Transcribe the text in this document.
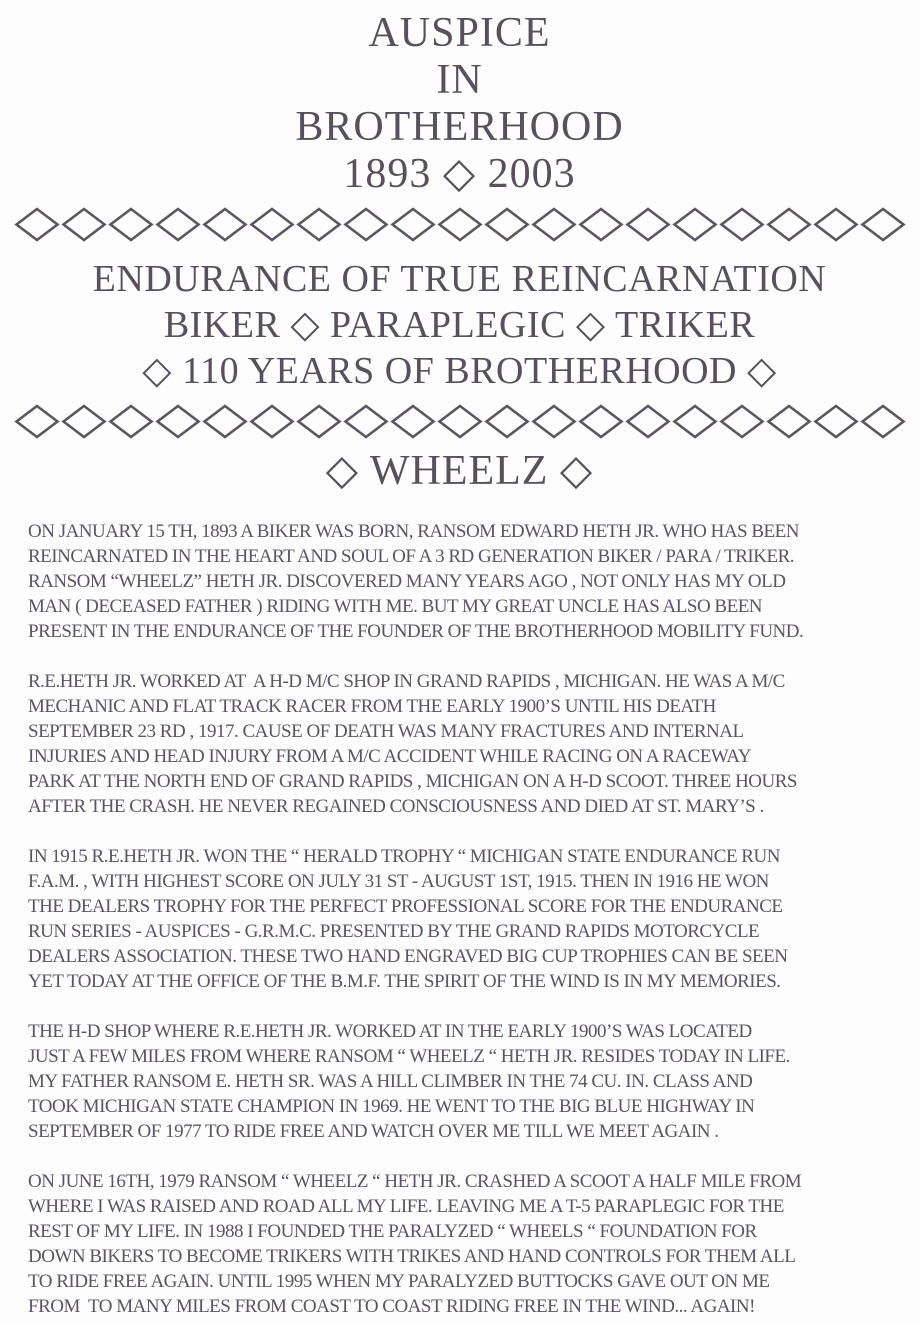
AUSPICE
IN
BROTHERHOOD
1893 ◇ 2003
ENDURANCE OF TRUE REINCARNATION
BIKER ◇ PARAPLEGIC ◇ TRIKER
◇ 110 YEARS OF BROTHERHOOD ◇
◇ WHEELZ ◇
ON JANUARY 15 TH, 1893 A BIKER WAS BORN, RANSOM EDWARD HETH JR. WHO HAS BEEN
REINCARNATED IN THE HEART AND SOUL OF A 3 RD GENERATION BIKER / PARA / TRIKER.
RANSOM “WHEELZ” HETH JR. DISCOVERED MANY YEARS AGO , NOT ONLY HAS MY OLD
MAN ( DECEASED FATHER ) RIDING WITH ME. BUT MY GREAT UNCLE HAS ALSO BEEN
PRESENT IN THE ENDURANCE OF THE FOUNDER OF THE BROTHERHOOD MOBILITY FUND.
R.E.HETH JR. WORKED AT  A H-D M/C SHOP IN GRAND RAPIDS , MICHIGAN. HE WAS A M/C
MECHANIC AND FLAT TRACK RACER FROM THE EARLY 1900’S UNTIL HIS DEATH
SEPTEMBER 23 RD , 1917. CAUSE OF DEATH WAS MANY FRACTURES AND INTERNAL
INJURIES AND HEAD INJURY FROM A M/C ACCIDENT WHILE RACING ON A RACEWAY
PARK AT THE NORTH END OF GRAND RAPIDS , MICHIGAN ON A H-D SCOOT. THREE HOURS
AFTER THE CRASH. HE NEVER REGAINED CONSCIOUSNESS AND DIED AT ST. MARY’S .
IN 1915 R.E.HETH JR. WON THE “ HERALD TROPHY “ MICHIGAN STATE ENDURANCE RUN
F.A.M. , WITH HIGHEST SCORE ON JULY 31 ST - AUGUST 1ST, 1915. THEN IN 1916 HE WON
THE DEALERS TROPHY FOR THE PERFECT PROFESSIONAL SCORE FOR THE ENDURANCE
RUN SERIES - AUSPICES - G.R.M.C. PRESENTED BY THE GRAND RAPIDS MOTORCYCLE
DEALERS ASSOCIATION. THESE TWO HAND ENGRAVED BIG CUP TROPHIES CAN BE SEEN
YET TODAY AT THE OFFICE OF THE B.M.F. THE SPIRIT OF THE WIND IS IN MY MEMORIES.
THE H-D SHOP WHERE R.E.HETH JR. WORKED AT IN THE EARLY 1900’S WAS LOCATED
JUST A FEW MILES FROM WHERE RANSOM “ WHEELZ “ HETH JR. RESIDES TODAY IN LIFE.
MY FATHER RANSOM E. HETH SR. WAS A HILL CLIMBER IN THE 74 CU. IN. CLASS AND
TOOK MICHIGAN STATE CHAMPION IN 1969. HE WENT TO THE BIG BLUE HIGHWAY IN
SEPTEMBER OF 1977 TO RIDE FREE AND WATCH OVER ME TILL WE MEET AGAIN .
ON JUNE 16TH, 1979 RANSOM “ WHEELZ “ HETH JR. CRASHED A SCOOT A HALF MILE FROM
WHERE I WAS RAISED AND ROAD ALL MY LIFE. LEAVING ME A T-5 PARAPLEGIC FOR THE
REST OF MY LIFE. IN 1988 I FOUNDED THE PARALYZED “ WHEELS “ FOUNDATION FOR
DOWN BIKERS TO BECOME TRIKERS WITH TRIKES AND HAND CONTROLS FOR THEM ALL
TO RIDE FREE AGAIN. UNTIL 1995 WHEN MY PARALYZED BUTTOCKS GAVE OUT ON ME
FROM  TO MANY MILES FROM COAST TO COAST RIDING FREE IN THE WIND... AGAIN!
